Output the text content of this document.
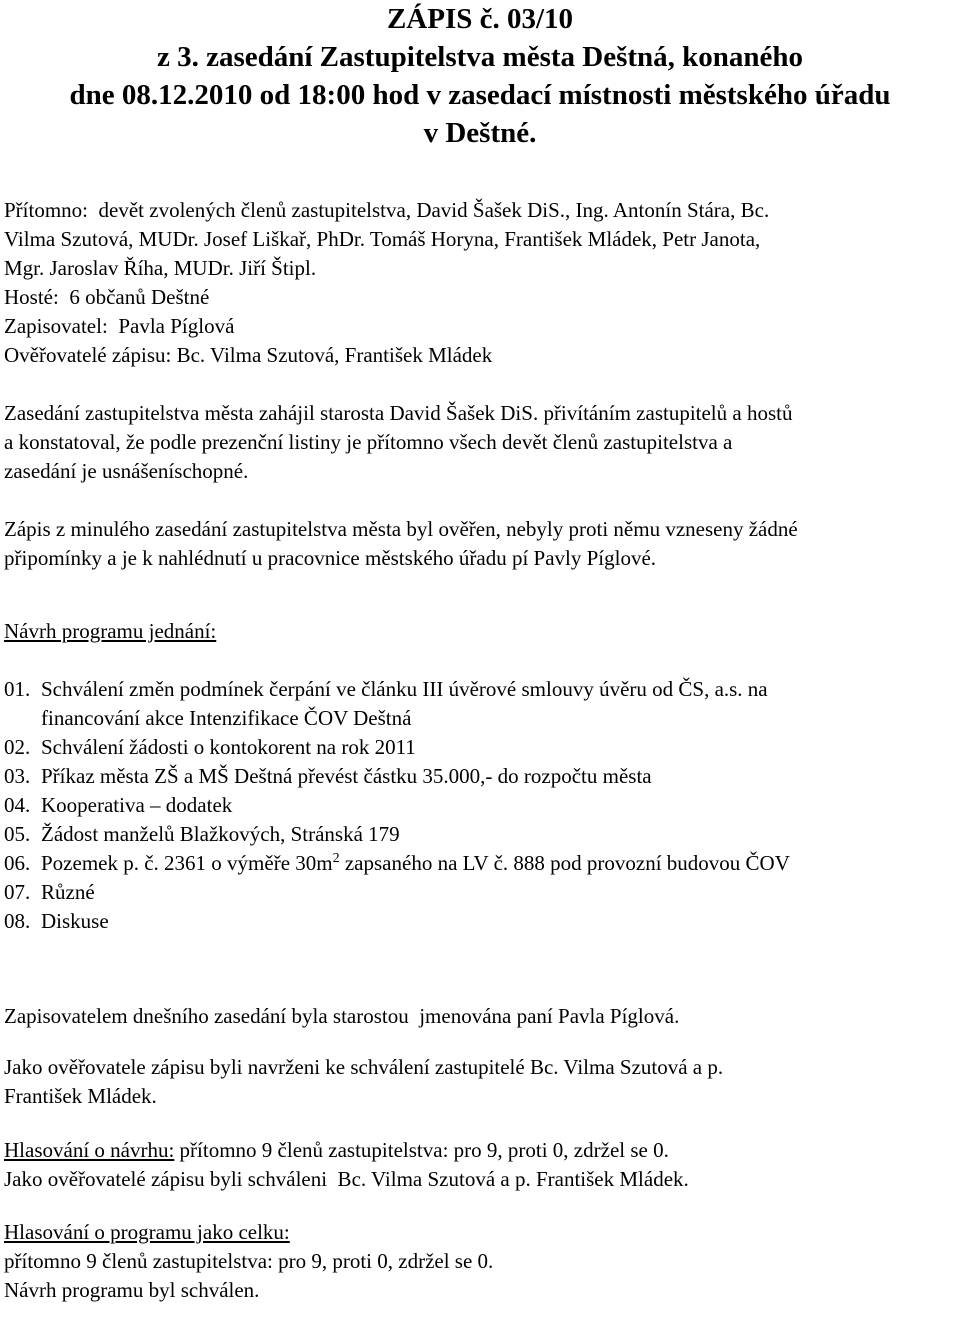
ZÁPIS č. 03/10
z 3. zasedání Zastupitelstva města Deštná, konaného
dne 08.12.2010 od 18:00 hod v zasedací místnosti městského úřadu
v Deštné.
Přítomno: devět zvolených členů zastupitelstva, David Šašek DiS., Ing. Antonín Stára, Bc.
Vilma Szutová, MUDr. Josef Liškař, PhDr. Tomáš Horyna, František Mládek, Petr Janota,
Mgr. Jaroslav Říha, MUDr. Jiří Štipl.
Hosté: 6 občanů Deštné
Zapisovatel: Pavla Píglová
Ověřovatelé zápisu: Bc. Vilma Szutová, František Mládek
Zasedání zastupitelstva města zahájil starosta David Šašek DiS. přivítáním zastupitelů a hostů
a konstatoval, že podle prezenční listiny je přítomno všech devět členů zastupitelstva a
zasedání je usnášeníschopné.
Zápis z minulého zasedání zastupitelstva města byl ověřen, nebyly proti němu vzneseny žádné
připomínky a je k nahlédnutí u pracovnice městského úřadu pí Pavly Píglové.
Návrh programu jednání:
01. Schválení změn podmínek čerpání ve článku III úvěrové smlouvy úvěru od ČS, a.s. na
financování akce Intenzifikace ČOV Deštná
02. Schválení žádosti o kontokorent na rok 2011
03. Příkaz města ZŠ a MŠ Deštná převést částku 35.000,- do rozpočtu města
04. Kooperativa – dodatek
05. Žádost manželů Blažkových, Stránská 179
06. Pozemek p. č. 2361 o výměře $30m^2$ zapsaného na LV č. 888 pod provozní budovou ČOV
07. Různé
08. Diskuse
Zapisovatelem dnešního zasedání byla starostou  jmenována paní Pavla Píglová.
Jako ověřovatele zápisu byli navrženi ke schválení zastupitelé Bc. Vilma Szutová a p.
František Mládek.
Hlasování o návrhu: přítomno 9 členů zastupitelstva: pro 9, proti 0, zdržel se 0.
Jako ověřovatelé zápisu byli schváleni  Bc. Vilma Szutová a p. František Mládek.
Hlasování o programu jako celku:
přítomno 9 členů zastupitelstva: pro 9, proti 0, zdržel se 0.
Návrh programu byl schválen.
